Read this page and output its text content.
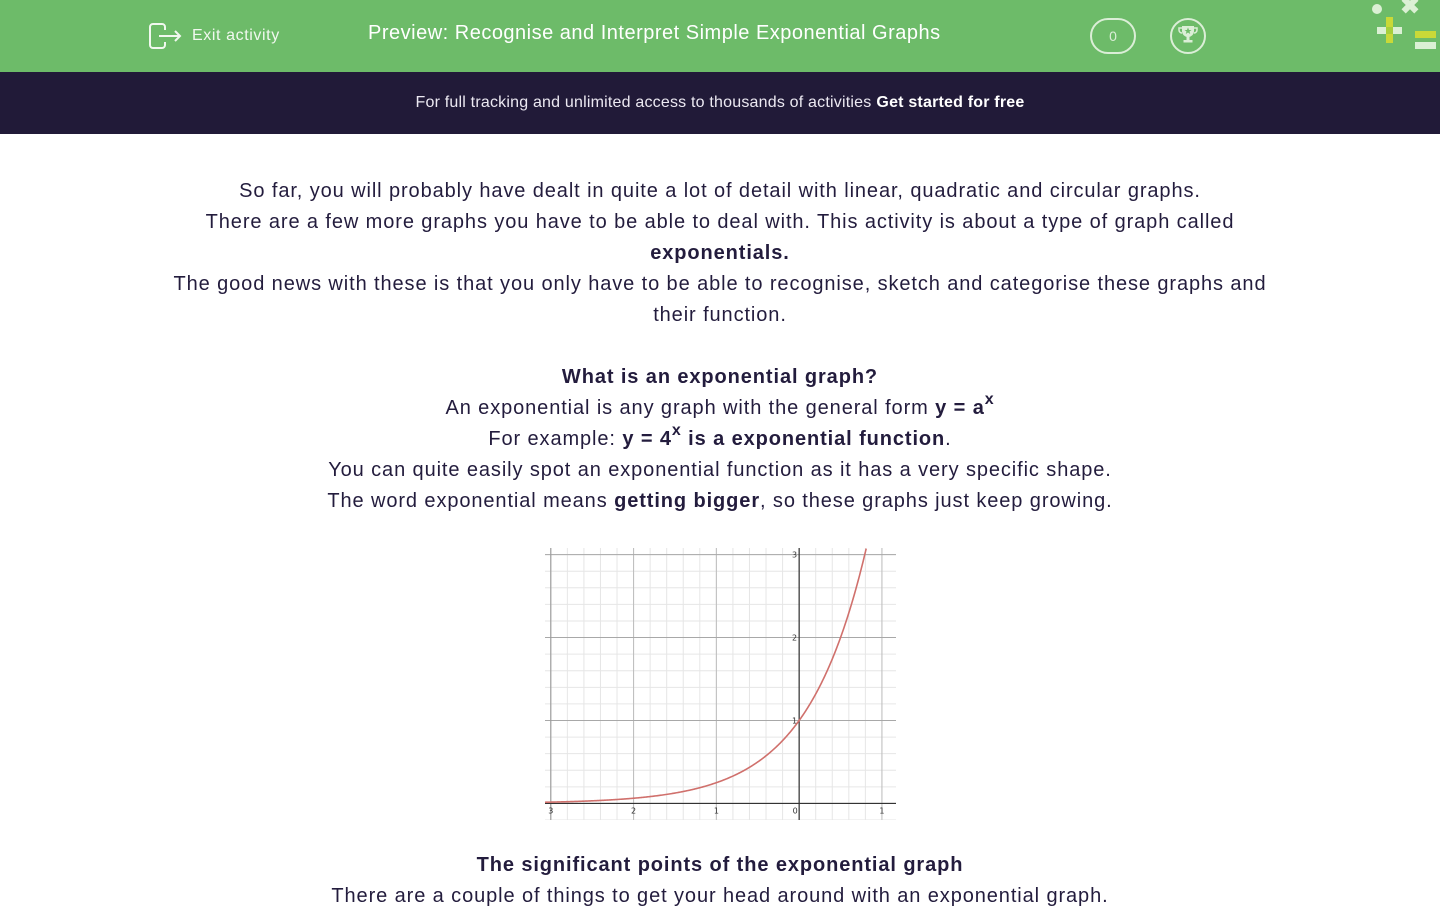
Exit activity	Preview: Recognise and Interpret Simple Exponential Graphs	0
For full tracking and unlimited access to thousands of activities Get started for free

So far, you will probably have dealt in quite a lot of detail with linear, quadratic and circular graphs.

There are a few more graphs you have to be able to deal with. This activity is about a type of graph called exponentials.

The good news with these is that you only have to be able to recognise, sketch and categorise these graphs and their function.

What is an exponential graph?

An exponential is any graph with the general form $y = a^x$

For example: $y = 4^x$ is a exponential function.

You can quite easily spot an exponential function as it has a very specific shape.

The word exponential means getting bigger, so these graphs just keep growing.

3	2	1	0	1
1
2
3

The significant points of the exponential graph

There are a couple of things to get your head around with an exponential graph.
